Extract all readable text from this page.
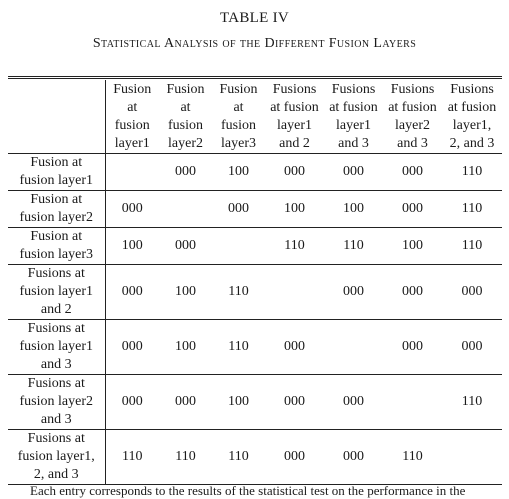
TABLE IV
Statistical Analysis of the Different Fusion Layers
	Fusion
at
fusion
layer1	Fusion
at
fusion
layer2	Fusion
at
fusion
layer3	Fusions
at fusion
layer1
and 2	Fusions
at fusion
layer1
and 3	Fusions
at fusion
layer2
and 3	Fusions
at fusion
layer1,
2, and 3
Fusion at
fusion layer1		000	100	000	000	000	110
Fusion at
fusion layer2	000		000	100	100	000	110
Fusion at
fusion layer3	100	000		110	110	100	110
Fusions at
fusion layer1
and 2	000	100	110		000	000	000
Fusions at
fusion layer1
and 3	000	100	110	000		000	000
Fusions at
fusion layer2
and 3	000	000	100	000	000		110
Fusions at
fusion layer1,
2, and 3	110	110	110	000	000	110	
Each entry corresponds to the results of the statistical test on the performance in the
